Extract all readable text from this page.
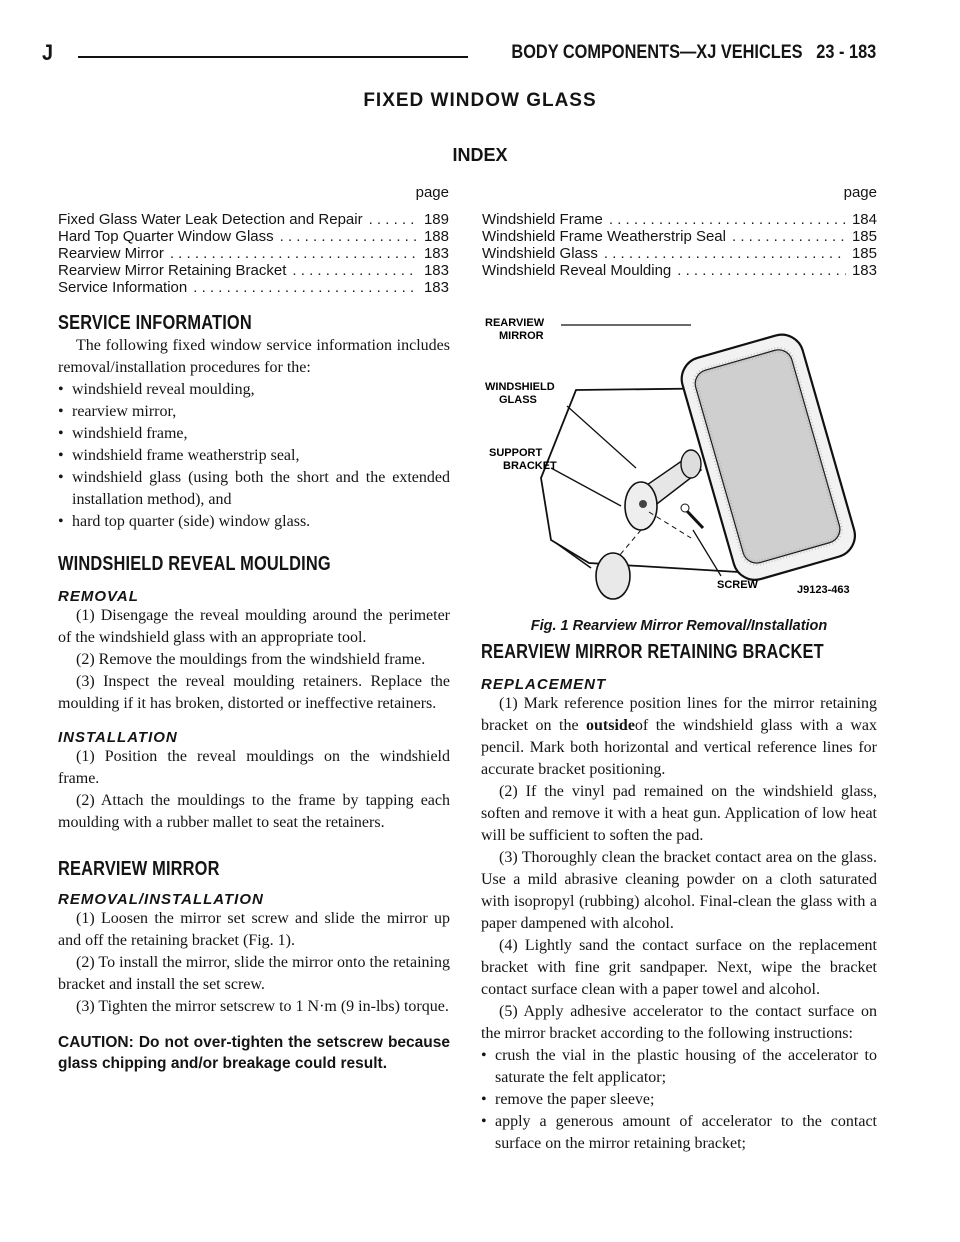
J	BODY COMPONENTS—XJ VEHICLES 23 - 183
FIXED WINDOW GLASS
INDEX
page
Fixed Glass Water Leak Detection and Repair . . .	189
Hard Top Quarter Window Glass . . .	188
Rearview Mirror . . .	183
Rearview Mirror Retaining Bracket . . .	183
Service Information . . .	183
page
Windshield Frame . . .	184
Windshield Frame Weatherstrip Seal . . .	185
Windshield Glass . . .	185
Windshield Reveal Moulding . . .	183
SERVICE INFORMATION

The following fixed window service information includes removal/installation procedures for the:

• windshield reveal moulding,

• rearview mirror,

• windshield frame,

• windshield frame weatherstrip seal,

• windshield glass (using both the short and the extended installation method), and

• hard top quarter (side) window glass.

WINDSHIELD REVEAL MOULDING
REMOVAL

(1) Disengage the reveal moulding around the perimeter of the windshield glass with an appropriate tool.

(2) Remove the mouldings from the windshield frame.

(3) Inspect the reveal moulding retainers. Replace the moulding if it has broken, distorted or ineffective retainers.

INSTALLATION

(1) Position the reveal mouldings on the windshield frame.

(2) Attach the mouldings to the frame by tapping each moulding with a rubber mallet to seat the retainers.

REARVIEW MIRROR
REMOVAL/INSTALLATION

(1) Loosen the mirror set screw and slide the mirror up and off the retaining bracket (Fig. 1).

(2) To install the mirror, slide the mirror onto the retaining bracket and install the set screw.

(3) Tighten the mirror setscrew to 1 N·m (9 in-lbs) torque.

CAUTION: Do not over-tighten the setscrew because glass chipping and/or breakage could result.

REARVIEW MIRROR
WINDSHIELD GLASS
SUPPORT BRACKET
SCREW	J9123-463
Fig. 1 Rearview Mirror Removal/Installation
REARVIEW MIRROR RETAINING BRACKET
REPLACEMENT

(1) Mark reference position lines for the mirror retaining bracket on the outsideof the windshield glass with a wax pencil. Mark both horizontal and vertical reference lines for accurate bracket positioning.

(2) If the vinyl pad remained on the windshield glass, soften and remove it with a heat gun. Application of low heat will be sufficient to soften the pad.

(3) Thoroughly clean the bracket contact area on the glass. Use a mild abrasive cleaning powder on a cloth saturated with isopropyl (rubbing) alcohol. Final-clean the glass with a paper dampened with alcohol.

(4) Lightly sand the contact surface on the replacement bracket with fine grit sandpaper. Next, wipe the bracket contact surface clean with a paper towel and alcohol.

(5) Apply adhesive accelerator to the contact surface on the mirror bracket according to the following instructions:

• crush the vial in the plastic housing of the accelerator to saturate the felt applicator;

• remove the paper sleeve;

• apply a generous amount of accelerator to the contact surface on the mirror retaining bracket;
